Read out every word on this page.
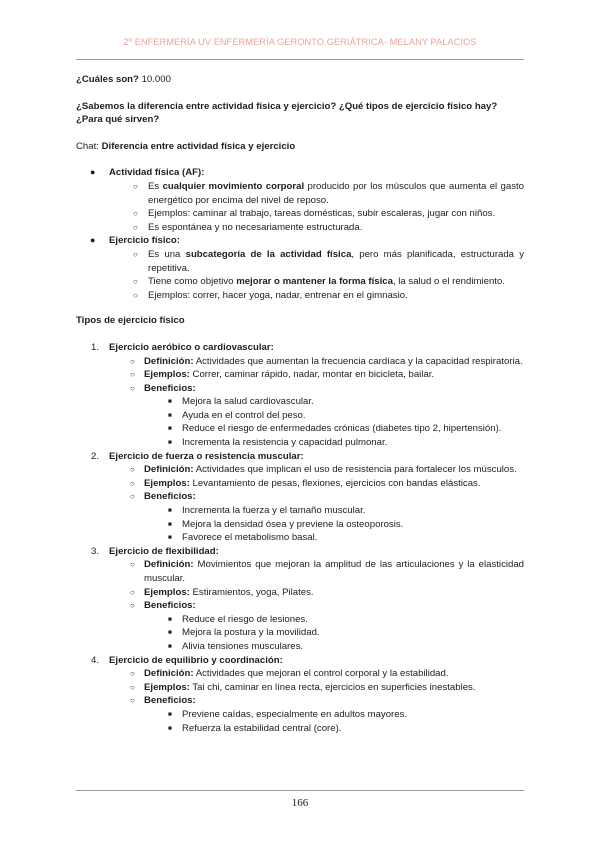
2º ENFERMERÍA UV ENFERMERÍA GERONTO.GERIÁTRICA- MELANY PALACIOS

¿Cuáles son? 10.000

¿Sabemos la diferencia entre actividad física y ejercicio? ¿Qué tipos de ejercicio físico hay? ¿Para qué sirven?

Chat: Diferencia entre actividad física y ejercicio

● Actividad física (AF):
○ Es cualquier movimiento corporal producido por los músculos que aumenta el gasto energético por encima del nivel de reposo.
○ Ejemplos: caminar al trabajo, tareas domésticas, subir escaleras, jugar con niños.
○ Es espontánea y no necesariamente estructurada.
● Ejercicio físico:
○ Es una subcategoría de la actividad física, pero más planificada, estructurada y repetitiva.
○ Tiene como objetivo mejorar o mantener la forma física, la salud o el rendimiento.
○ Ejemplos: correr, hacer yoga, nadar, entrenar en el gimnasio.

Tipos de ejercicio físico

1. Ejercicio aeróbico o cardiovascular:
○ Definición: Actividades que aumentan la frecuencia cardíaca y la capacidad respiratoria.
○ Ejemplos: Correr, caminar rápido, nadar, montar en bicicleta, bailar.
○ Beneficios:
■ Mejora la salud cardiovascular.
■ Ayuda en el control del peso.
■ Reduce el riesgo de enfermedades crónicas (diabetes tipo 2, hipertensión).
■ Incrementa la resistencia y capacidad pulmonar.
2. Ejercicio de fuerza o resistencia muscular:
○ Definición: Actividades que implican el uso de resistencia para fortalecer los músculos.
○ Ejemplos: Levantamiento de pesas, flexiones, ejercicios con bandas elásticas.
○ Beneficios:
■ Incrementa la fuerza y el tamaño muscular.
■ Mejora la densidad ósea y previene la osteoporosis.
■ Favorece el metabolismo basal.
3. Ejercicio de flexibilidad:
○ Definición: Movimientos que mejoran la amplitud de las articulaciones y la elasticidad muscular.
○ Ejemplos: Estiramientos, yoga, Pilates.
○ Beneficios:
■ Reduce el riesgo de lesiones.
■ Mejora la postura y la movilidad.
■ Alivia tensiones musculares.
4. Ejercicio de equilibrio y coordinación:
○ Definición: Actividades que mejoran el control corporal y la estabilidad.
○ Ejemplos: Tai chi, caminar en línea recta, ejercicios en superficies inestables.
○ Beneficios:
■ Previene caídas, especialmente en adultos mayores.
■ Refuerza la estabilidad central (core).
166
